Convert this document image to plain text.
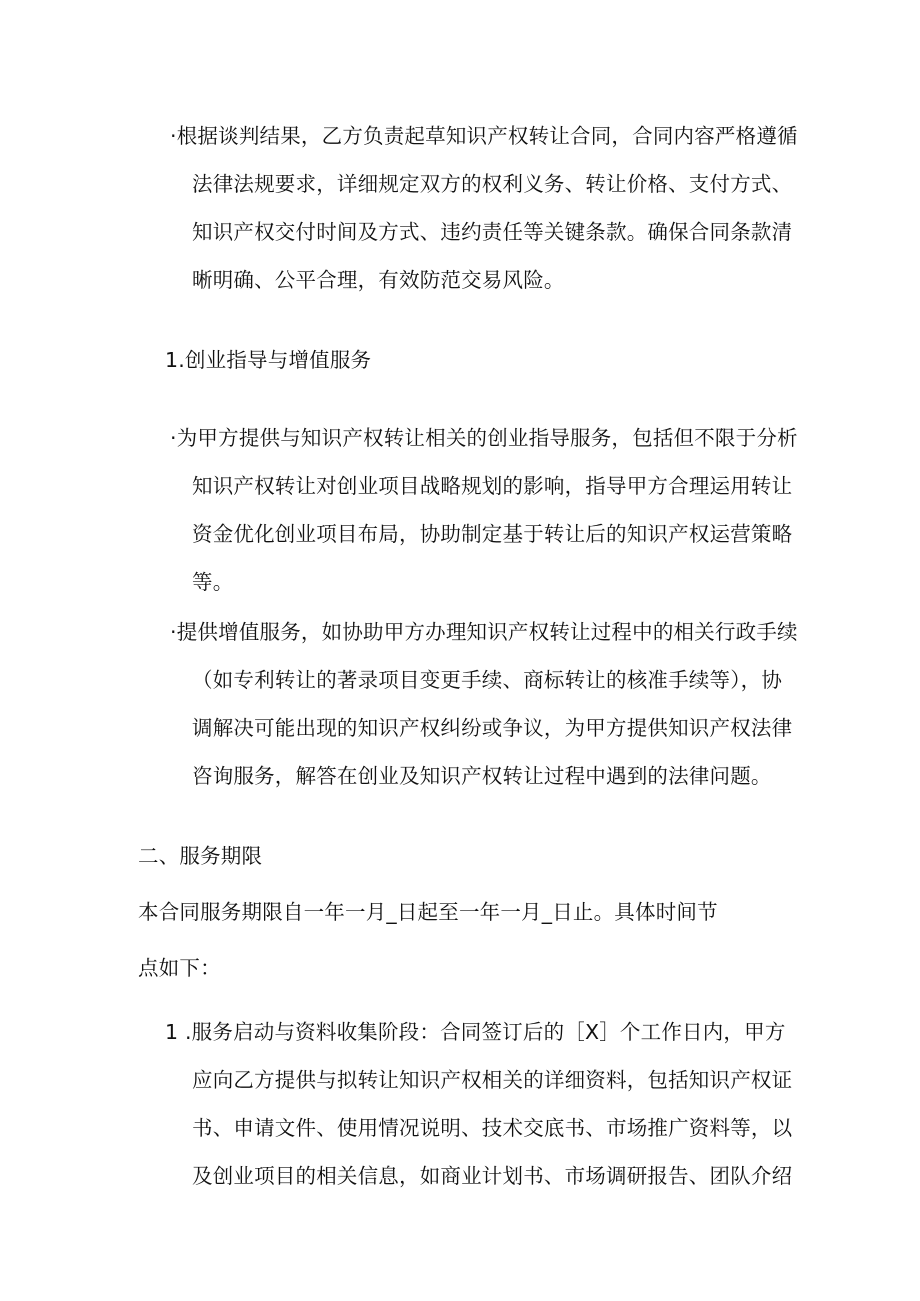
·根据谈判结果，乙方负责起草知识产权转让合同，合同内容严格遵循

法律法规要求，详细规定双方的权利义务、转让价格、支付方式、

知识产权交付时间及方式、违约责任等关键条款。确保合同条款清

晰明确、公平合理，有效防范交易风险。

1.创业指导与增值服务

·为甲方提供与知识产权转让相关的创业指导服务，包括但不限于分析

知识产权转让对创业项目战略规划的影响，指导甲方合理运用转让

资金优化创业项目布局，协助制定基于转让后的知识产权运营策略

等。

·提供增值服务，如协助甲方办理知识产权转让过程中的相关行政手续

（如专利转让的著录项目变更手续、商标转让的核准手续等），协

调解决可能出现的知识产权纠纷或争议，为甲方提供知识产权法律

咨询服务，解答在创业及知识产权转让过程中遇到的法律问题。

二、服务期限

本合同服务期限自一年一月_日起至一年一月_日止。具体时间节

点如下：

1 .服务启动与资料收集阶段：合同签订后的［X］个工作日内，甲方

应向乙方提供与拟转让知识产权相关的详细资料，包括知识产权证

书、申请文件、使用情况说明、技术交底书、市场推广资料等，以

及创业项目的相关信息，如商业计划书、市场调研报告、团队介绍
